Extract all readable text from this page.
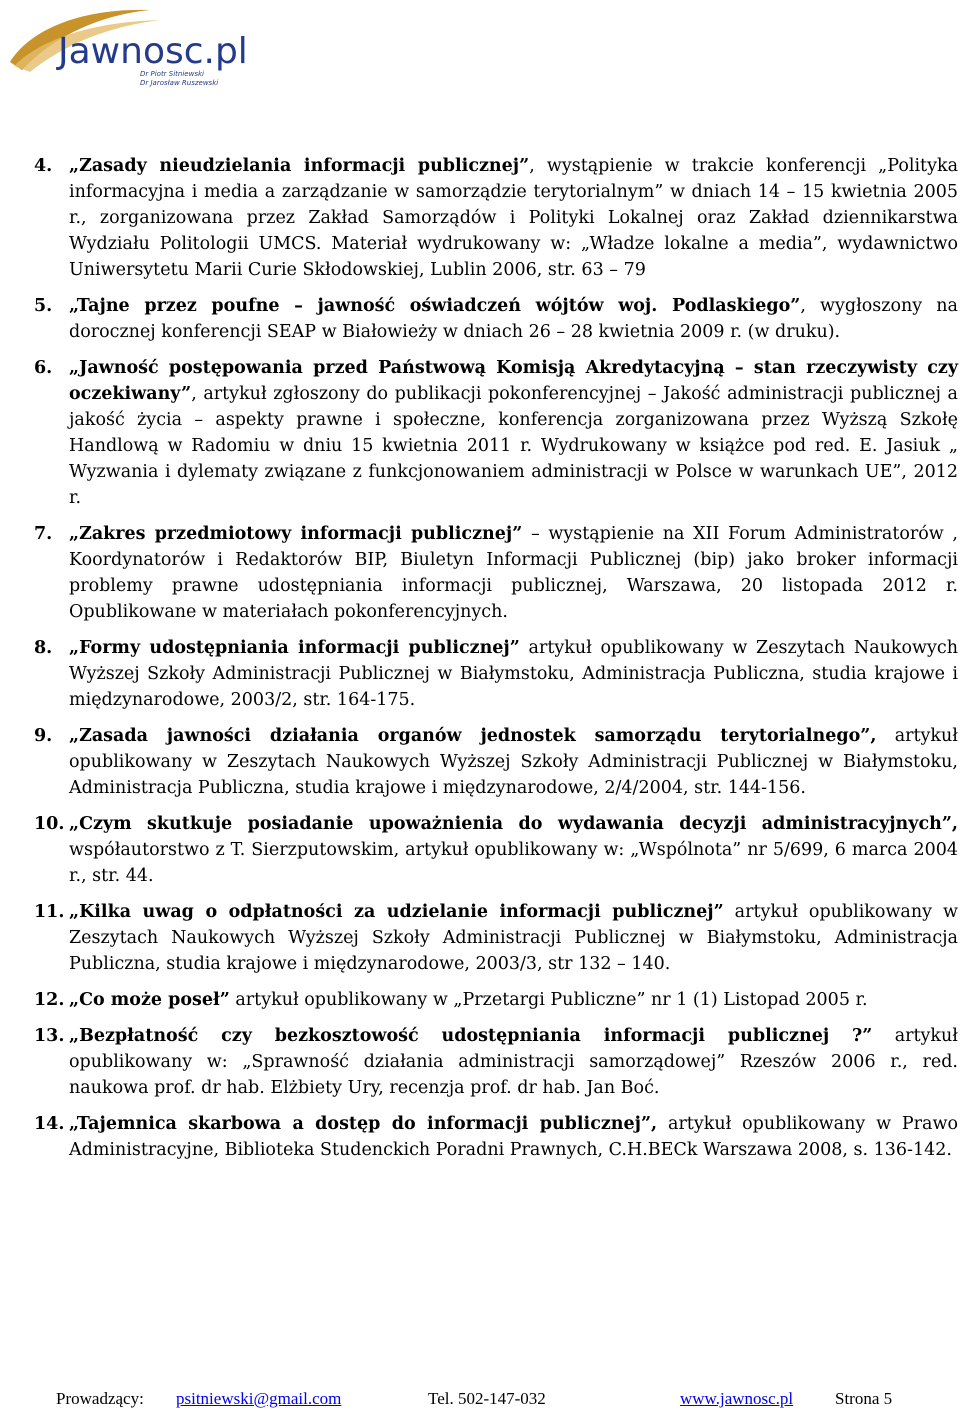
Jawnosc.pl
Dr Piotr Sitniewski
Dr Jarosław Ruszewski
4. „Zasady nieudzielania informacji publicznej”, wystąpienie w trakcie konferencji „Polityka informacyjna i media a zarządzanie w samorządzie terytorialnym” w dniach 14 – 15 kwietnia 2005 r., zorganizowana przez Zakład Samorządów i Polityki Lokalnej oraz Zakład dziennikarstwa Wydziału Politologii UMCS. Materiał wydrukowany w: „Władze lokalne a media”, wydawnictwo Uniwersytetu Marii Curie Skłodowskiej, Lublin 2006, str. 63 – 79
5. „Tajne przez poufne – jawność oświadczeń wójtów woj. Podlaskiego”, wygłoszony na dorocznej konferencji SEAP w Białowieży w dniach 26 – 28 kwietnia 2009 r. (w druku).
6. „Jawność postępowania przed Państwową Komisją Akredytacyjną – stan rzeczywisty czy oczekiwany”, artykuł zgłoszony do publikacji pokonferencyjnej – Jakość administracji publicznej a jakość życia – aspekty prawne i społeczne, konferencja zorganizowana przez Wyższą Szkołę Handlową w Radomiu w dniu 15 kwietnia 2011 r. Wydrukowany w książce pod red. E. Jasiuk „ Wyzwania i dylematy związane z funkcjonowaniem administracji w Polsce w warunkach UE”, 2012 r.
7. „Zakres przedmiotowy informacji publicznej” – wystąpienie na XII Forum Administratorów , Koordynatorów i Redaktorów BIP, Biuletyn Informacji Publicznej (bip) jako broker informacji problemy prawne udostępniania informacji publicznej, Warszawa, 20 listopada 2012 r. Opublikowane w materiałach pokonferencyjnych.
8. „Formy udostępniania informacji publicznej” artykuł opublikowany w Zeszytach Naukowych Wyższej Szkoły Administracji Publicznej w Białymstoku, Administracja Publiczna, studia krajowe i międzynarodowe, 2003/2, str. 164-175.
9. „Zasada jawności działania organów jednostek samorządu terytorialnego”, artykuł opublikowany w Zeszytach Naukowych Wyższej Szkoły Administracji Publicznej w Białymstoku, Administracja Publiczna, studia krajowe i międzynarodowe, 2/4/2004, str. 144-156.
10. „Czym skutkuje posiadanie upoważnienia do wydawania decyzji administracyjnych”, współautorstwo z T. Sierzputowskim, artykuł opublikowany w: „Wspólnota” nr 5/699, 6 marca 2004 r., str. 44.
11. „Kilka uwag o odpłatności za udzielanie informacji publicznej” artykuł opublikowany w Zeszytach Naukowych Wyższej Szkoły Administracji Publicznej w Białymstoku, Administracja Publiczna, studia krajowe i międzynarodowe, 2003/3, str 132 – 140.
12. „Co może poseł” artykuł opublikowany w „Przetargi Publiczne” nr 1 (1) Listopad 2005 r.
13. „Bezpłatność czy bezkosztowość udostępniania informacji publicznej ?” artykuł opublikowany w: „Sprawność działania administracji samorządowej” Rzeszów 2006 r., red. naukowa prof. dr hab. Elżbiety Ury, recenzja prof. dr hab. Jan Boć.
14. „Tajemnica skarbowa a dostęp do informacji publicznej”, artykuł opublikowany w Prawo Administracyjne, Biblioteka Studenckich Poradni Prawnych, C.H.BECk Warszawa 2008, s. 136-142.
Prowadzący: psitniewski@gmail.com	Tel. 502-147-032	www.jawnosc.pl Strona 5
